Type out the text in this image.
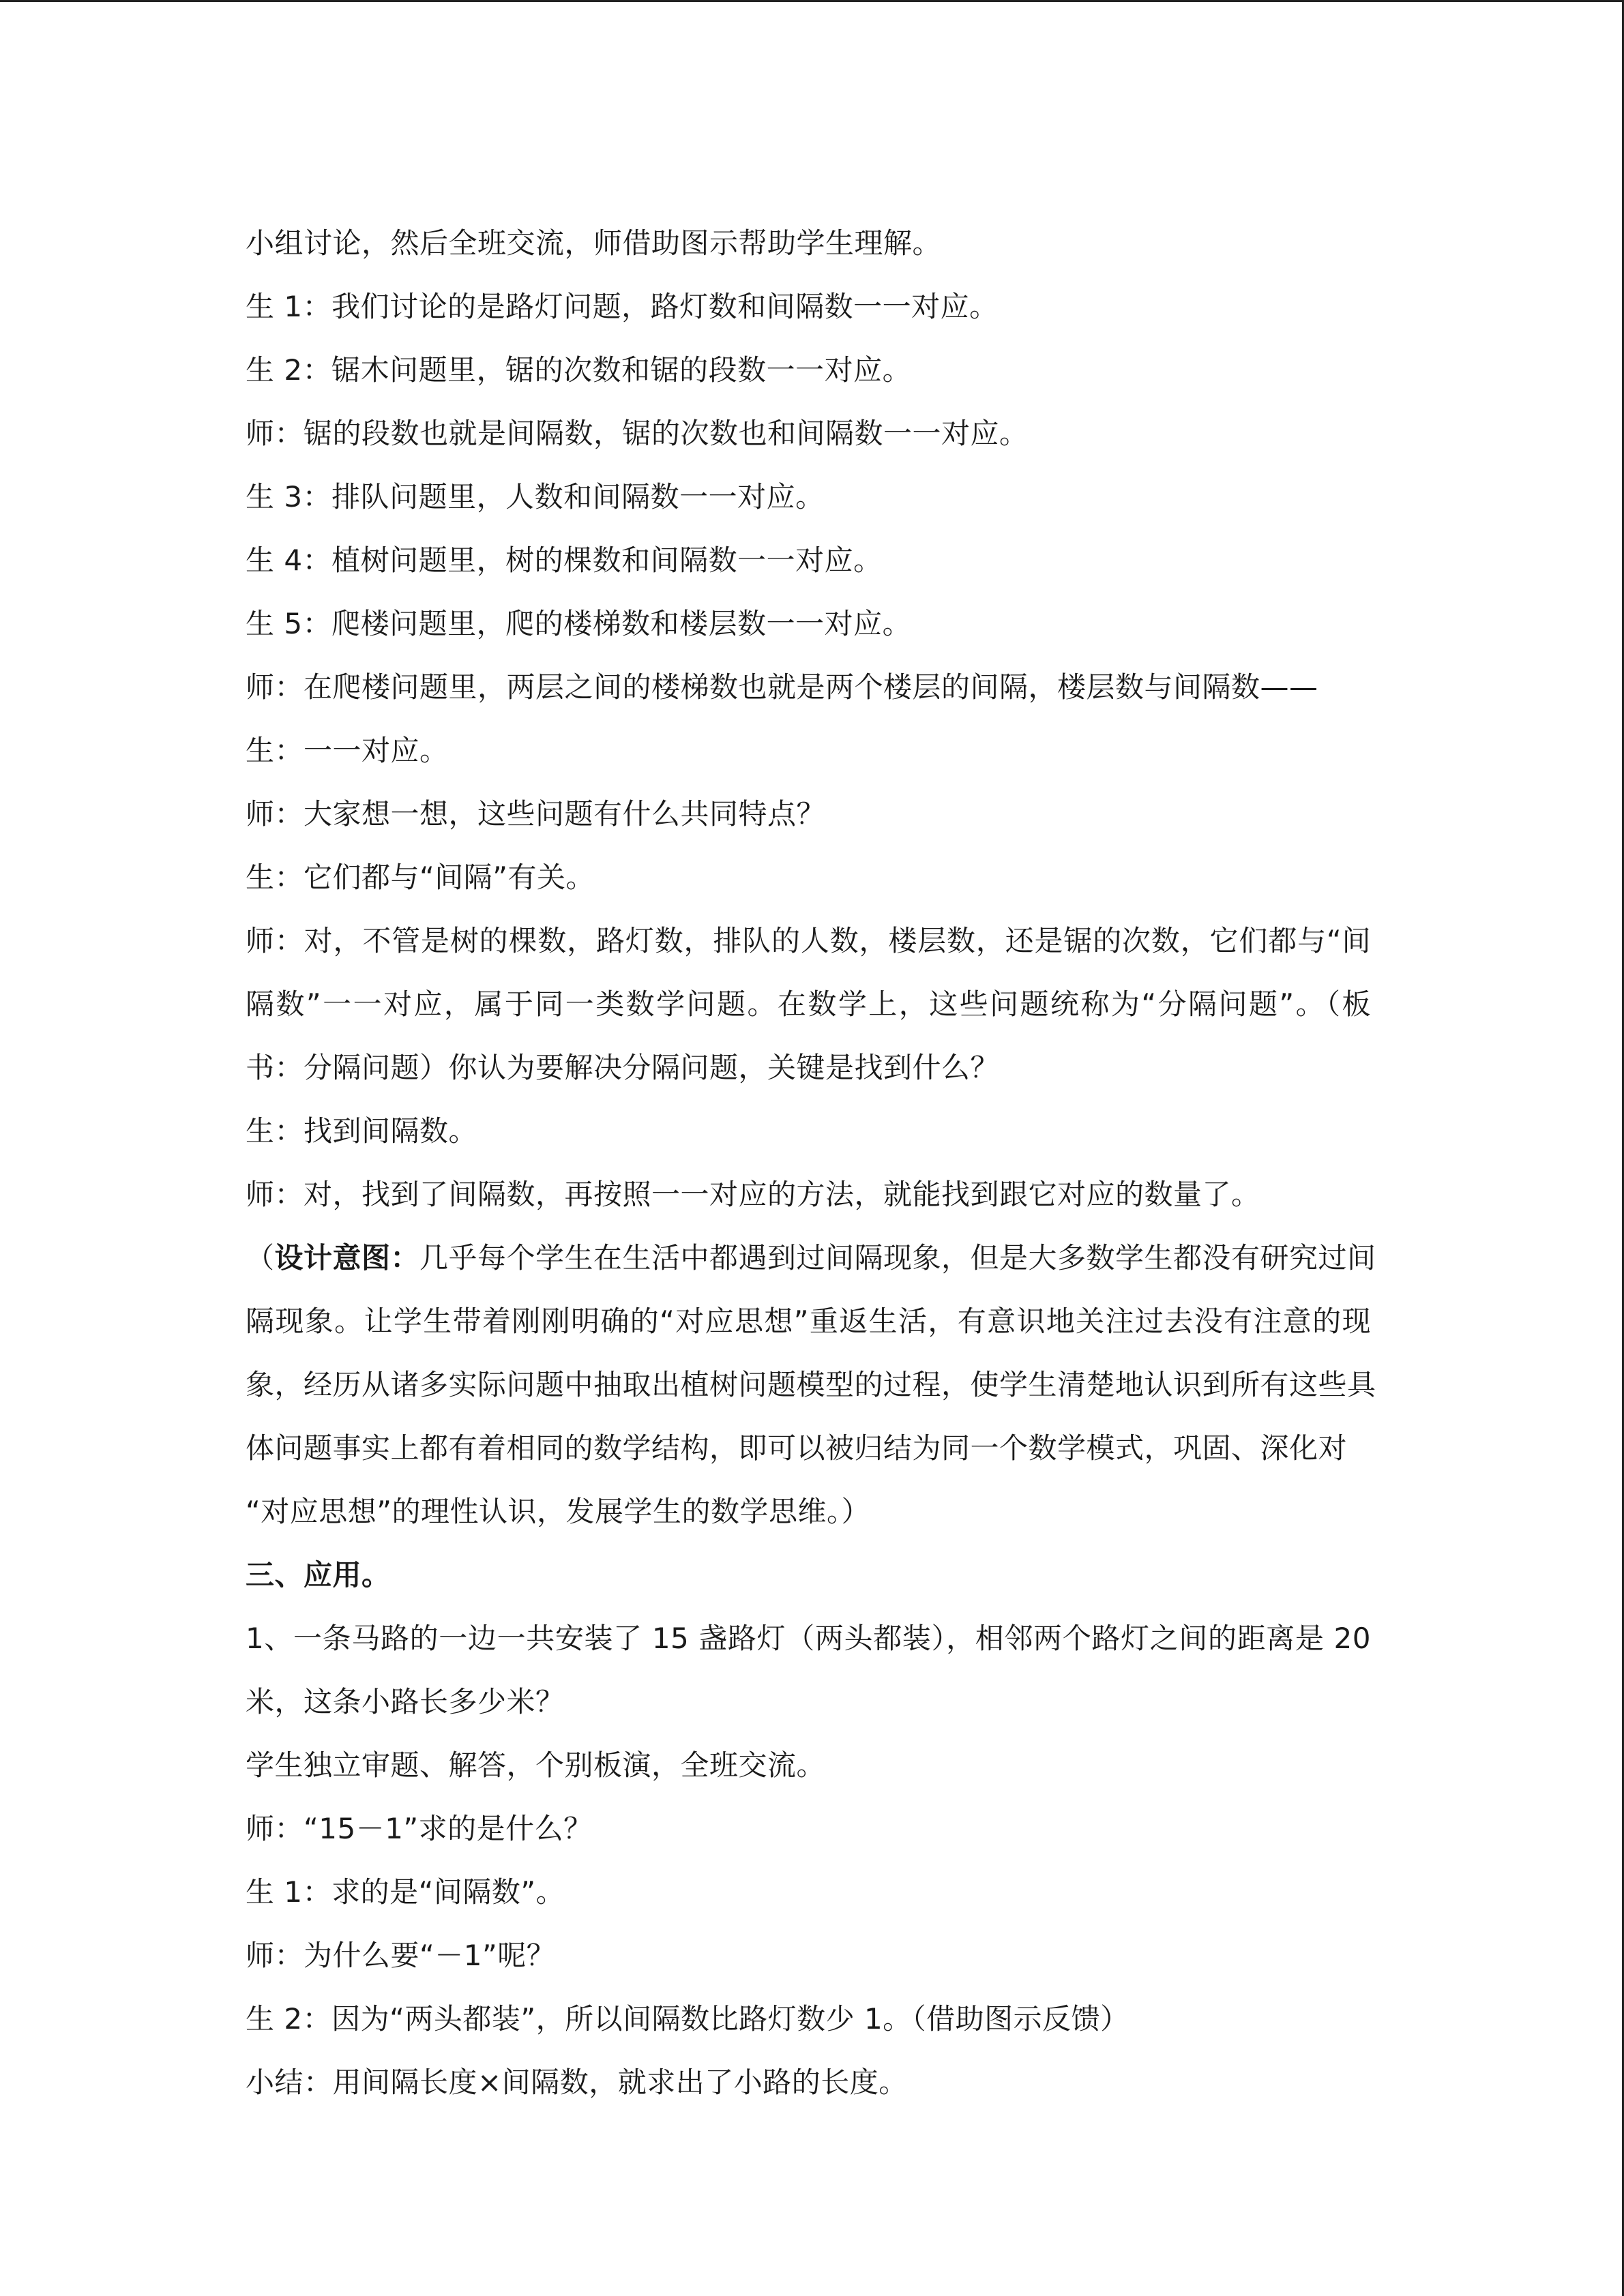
小组讨论，然后全班交流，师借助图示帮助学生理解。
生 1：我们讨论的是路灯问题，路灯数和间隔数一一对应。
生 2：锯木问题里，锯的次数和锯的段数一一对应。
师：锯的段数也就是间隔数，锯的次数也和间隔数一一对应。
生 3：排队问题里，人数和间隔数一一对应。
生 4：植树问题里，树的棵数和间隔数一一对应。
生 5：爬楼问题里，爬的楼梯数和楼层数一一对应。
师：在爬楼问题里，两层之间的楼梯数也就是两个楼层的间隔，楼层数与间隔数——
生：一一对应。
师：大家想一想，这些问题有什么共同特点？
生：它们都与“间隔”有关。
师：对，不管是树的棵数，路灯数，排队的人数，楼层数，还是锯的次数，它们都与“间
隔数”一一对应，属于同一类数学问题。在数学上，这些问题统称为“分隔问题”。（板
书：分隔问题）你认为要解决分隔问题，关键是找到什么？
生：找到间隔数。
师：对，找到了间隔数，再按照一一对应的方法，就能找到跟它对应的数量了。
（设计意图：几乎每个学生在生活中都遇到过间隔现象，但是大多数学生都没有研究过间
隔现象。让学生带着刚刚明确的“对应思想”重返生活，有意识地关注过去没有注意的现
象，经历从诸多实际问题中抽取出植树问题模型的过程，使学生清楚地认识到所有这些具
体问题事实上都有着相同的数学结构，即可以被归结为同一个数学模式，巩固、深化对
“对应思想”的理性认识，发展学生的数学思维。）
三、应用。
1、一条马路的一边一共安装了 15 盏路灯（两头都装），相邻两个路灯之间的距离是 20
米，这条小路长多少米？
学生独立审题、解答，个别板演，全班交流。
师：“15－1”求的是什么？
生 1：求的是“间隔数”。
师：为什么要“－1”呢？
生 2：因为“两头都装”，所以间隔数比路灯数少 1。（借助图示反馈）
小结：用间隔长度×间隔数，就求出了小路的长度。
